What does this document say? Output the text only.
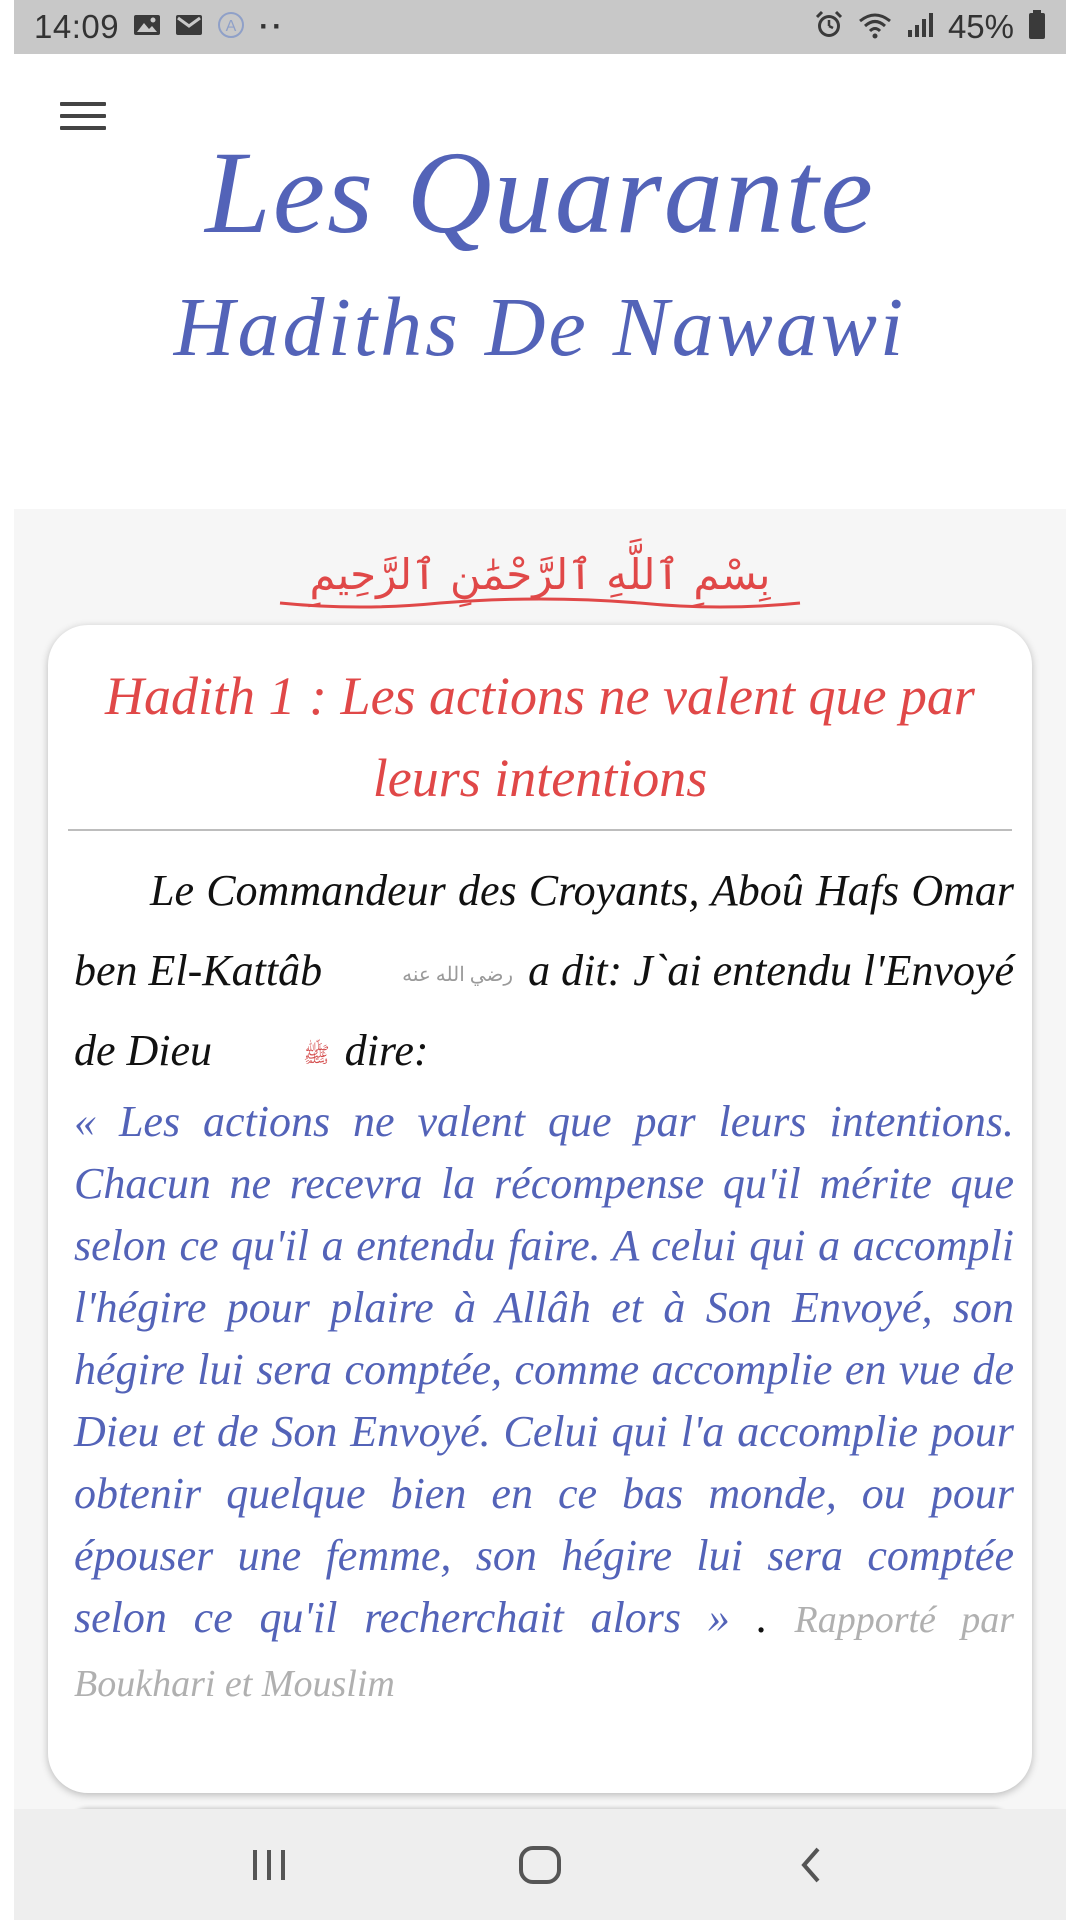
14:09	A ··	45%
Les Quarante
Hadiths De Nawawi
بِسْمِ ٱللَّهِ ٱلرَّحْمَٰنِ ٱلرَّحِيمِ
Hadith 1 : Les actions ne valent que par leurs intentions
Le Commandeur des Croyants, Aboû Hafs Omar ben El-Kattâb	رضي الله عنه a dit: J`ai entendu l'Envoyé de Dieu	ﷺ dire:
« Les actions ne valent que par leurs intentions. Chacun ne recevra la récompense qu'il mérite que selon ce qu'il a entendu faire. A celui qui a accompli l'hégire pour plaire à Allâh et à Son Envoyé, son hégire lui sera comptée, comme accomplie en vue de Dieu et de Son Envoyé. Celui qui l'a accomplie pour obtenir quelque bien en ce bas monde, ou pour épouser une femme, son hégire lui sera comptée selon ce qu'il recherchait alors » . Rapporté par Boukhari et Mouslim
